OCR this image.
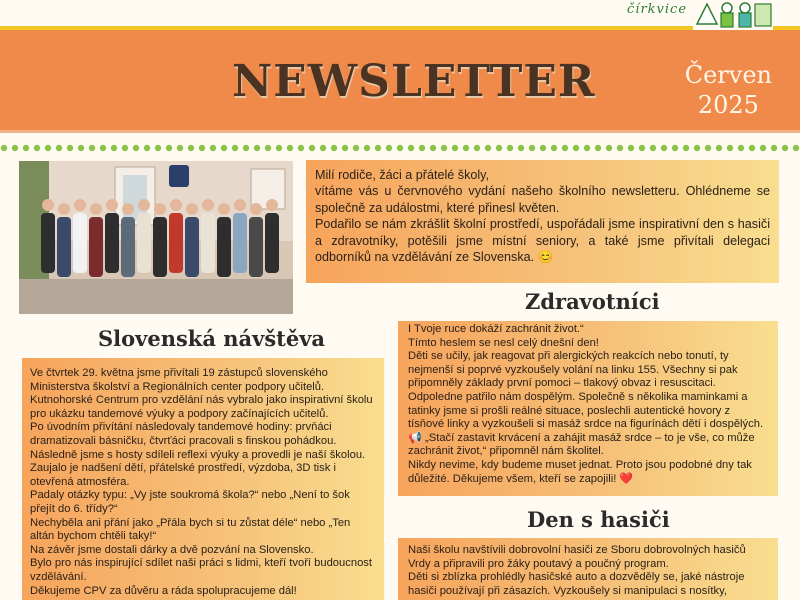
čírkvice
NEWSLETTER	Červen
2025

Milí rodiče, žáci a přátelé školy,

vítáme vás u červnového vydání našeho školního newsletteru. Ohlédneme se společně za událostmi, které přinesl květen.

Podařilo se nám zkrášlit školní prostředí, uspořádali jsme inspirativní den s hasiči a zdravotníky, potěšili jsme místní seniory, a také jsme přivítali delegaci odborníků na vzdělávání ze Slovenska. 😊

Slovenská návštěva

Ve čtvrtek 29. května jsme přivítali 19 zástupců slovenského Ministerstva školství a Regionálních center podpory učitelů.

Kutnohorské Centrum pro vzdělání nás vybralo jako inspirativní školu pro ukázku tandemové výuky a podpory začínajících učitelů.

Po úvodním přivítání následovaly tandemové hodiny: prvňáci dramatizovali básničku, čtvrťáci pracovali s finskou pohádkou.

Následně jsme s hosty sdíleli reflexi výuky a provedli je naší školou.

Zaujalo je nadšení dětí, přátelské prostředí, výzdoba, 3D tisk i otevřená atmosféra.

Padaly otázky typu: „Vy jste soukromá škola?“ nebo „Není to šok přejít do 6. třídy?“

Nechyběla ani přání jako „Přála bych si tu zůstat déle“ nebo „Ten altán bychom chtěli taky!“

Na závěr jsme dostali dárky a dvě pozvání na Slovensko.

Bylo pro nás inspirující sdílet naši práci s lidmi, kteří tvoří budoucnost vzdělávání.

Děkujeme CPV za důvěru a ráda spolupracujeme dál!

Zdravotníci

I Tvoje ruce dokáží zachránit život.“

Tímto heslem se nesl celý dnešní den!

Děti se učily, jak reagovat při alergických reakcích nebo tonutí, ty nejmenší si poprvé vyzkoušely volání na linku 155. Všechny si pak připomněly základy první pomoci – tlakový obvaz i resuscitaci.

Odpoledne patřilo nám dospělým. Společně s několika maminkami a tatinky jsme si prošli reálné situace, poslechli autentické hovory z tísňové linky a vyzkoušeli si masáž srdce na figurínách dětí i dospělých.

📢 „Stačí zastavit krvácení a zahájit masáž srdce – to je vše, co může zachránit život,“ připomněl nám školitel.

Nikdy nevime, kdy budeme muset jednat. Proto jsou podobné dny tak důležité. Děkujeme všem, kteří se zapojili! ❤️

Den s hasiči

Naši školu navštívili dobrovolní hasiči ze Sboru dobrovolných hasičů Vrdy a připravili pro žáky poutavý a poučný program.

Děti si zblízka prohlédly hasičské auto a dozvěděly se, jaké nástroje hasiči používají při zásazích. Vyzkoušely si manipulaci s nosítky,
